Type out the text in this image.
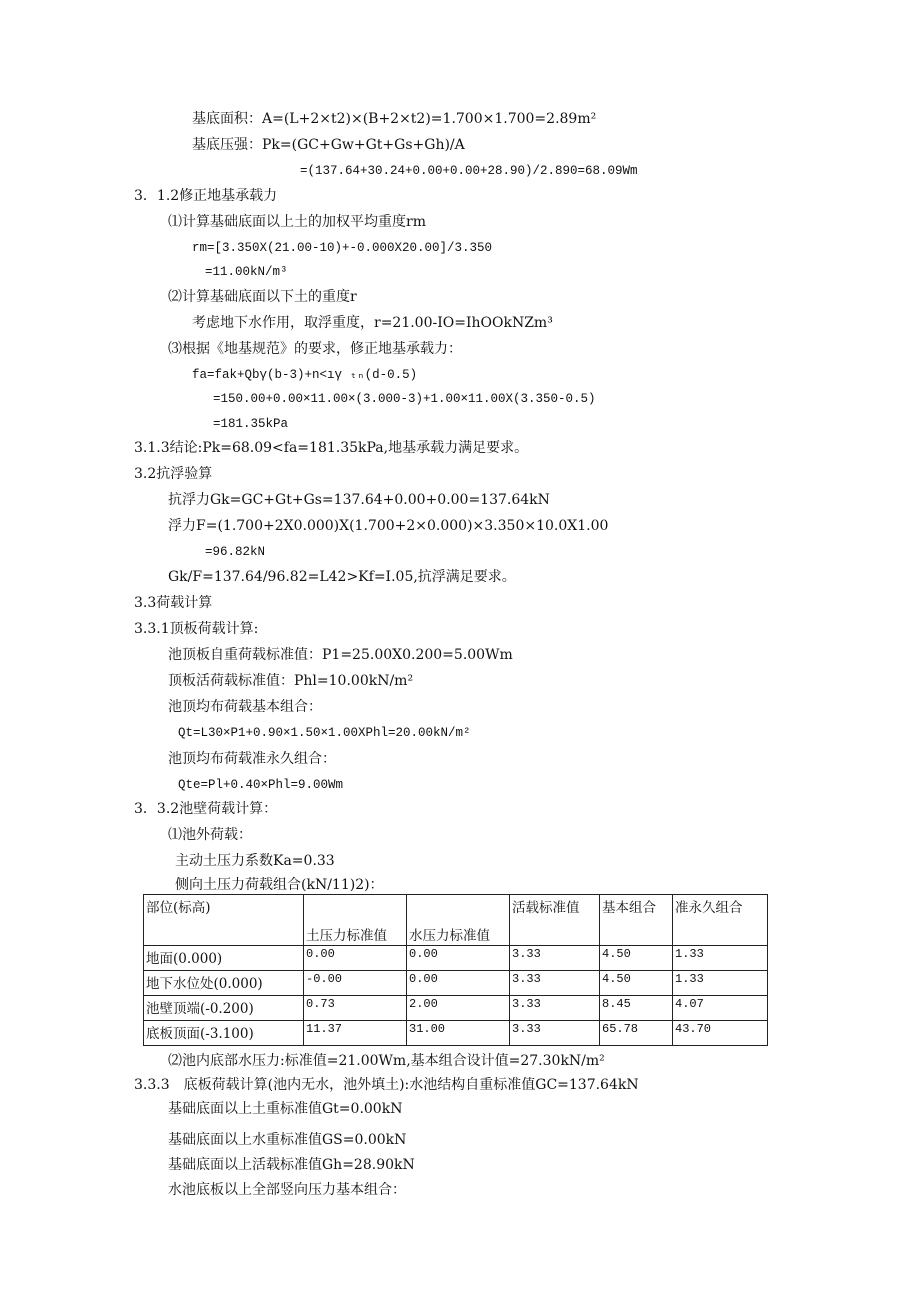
基底面积：A=(L+2×t2)×(B+2×t2)=1.700×1.700=2.89m²
基底压强：Pk=(GC+Gw+Gt+Gs+Gh)/A
=(137.64+30.24+0.00+0.00+28.90)/2.890=68.09Wm
3．1.2修正地基承载力
⑴计算基础底面以上土的加权平均重度rm
rm=[3.350X(21.00-10)+-0.000X20.00]/3.350
=11.00kN/m³
⑵计算基础底面以下土的重度r
考虑地下水作用，取浮重度，r=21.00-IO=IhOOkNZm³
⑶根据《地基规范》的要求，修正地基承载力：
fa=fak+Qbγ(b-3)+n<ıγ ₜₙ(d-0.5)
=150.00+0.00×11.00×(3.000-3)+1.00×11.00X(3.350-0.5)
=181.35kPa
3.1.3结论:Pk=68.09<fa=181.35kPa,地基承载力满足要求。
3.2抗浮验算
抗浮力Gk=GC+Gt+Gs=137.64+0.00+0.00=137.64kN
浮力F=(1.700+2X0.000)X(1.700+2×0.000)×3.350×10.0X1.00
=96.82kN
Gk/F=137.64/96.82=L42>Kf=I.05,抗浮满足要求。
3.3荷载计算
3.3.1顶板荷载计算:
池顶板自重荷载标准值：P1=25.00X0.200=5.00Wm
顶板活荷载标准值：Phl=10.00kN/m²
池顶均布荷载基本组合：
Qt=L30×P1+0.90×1.50×1.00XPhl=20.00kN/m²
池顶均布荷载准永久组合：
Qte=Pl+0.40×Phl=9.00Wm
3．3.2池壁荷载计算：
⑴池外荷载：
主动土压力系数Ka=0.33
侧向土压力荷载组合(kN/11)2)：
部位(标高)	土压力标准值	水压力标准值	活载标准值	基本组合	准永久组合
地面(0.000)	0.00	0.00	3.33	4.50	1.33
地下水位处(0.000)	-0.00	0.00	3.33	4.50	1.33
池壁顶端(-0.200)	0.73	2.00	3.33	8.45	4.07
底板顶面(-3.100)	11.37	31.00	3.33	65.78	43.70
⑵池内底部水压力:标准值=21.00Wm,基本组合设计值=27.30kN/m²
3.3.3　底板荷载计算(池内无水，池外填土):水池结构自重标准值GC=137.64kN
基础底面以上土重标准值Gt=0.00kN
基础底面以上水重标准值GS=0.00kN
基础底面以上活载标准值Gh=28.90kN
水池底板以上全部竖向压力基本组合：
